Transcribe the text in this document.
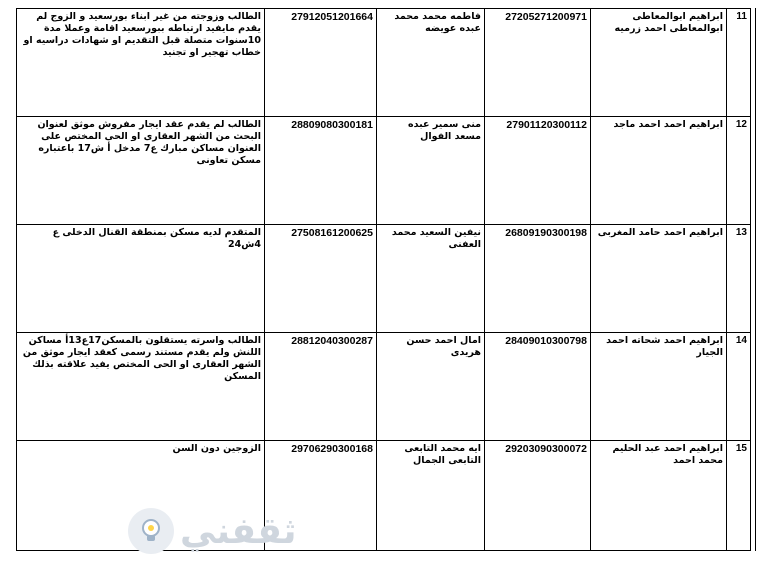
11	ابراهيم ابوالمعاطى ابوالمعاطى احمد زرميه	27205271200971	فاطمه محمد محمد عبده عويضه	27912051201664	الطالب وزوجته من غير ابناء بورسعيد و الزوج لم يقدم مايفيد ارتباطه ببورسعيد اقامة وعملا مدة 10سنوات متصلة قبل التقديم او شهادات دراسيه او خطاب تهجير او تجنيد
12	ابراهيم احمد احمد ماجد	27901120300112	منى سمير عبده مسعد الفوال	28809080300181	الطالب لم يقدم عقد ايجار مفروش موثق لعنوان البحث من الشهر العقارى او الحى المختص على العنوان مساكن مبارك ع7 مدخل أ ش17 باعتباره مسكن تعاونى
13	ابراهيم احمد حامد المغربى	26809190300198	نيفين السعيد محمد العفنى	27508161200625	المتقدم لديه مسكن بمنطقة القنال الدخلى ع 4ش24
14	ابراهيم احمد شحاته احمد الجيار	28409010300798	امال احمد حسن هريدى	28812040300287	الطالب واسرته يستقلون بالمسكن17ع13أ مساكن اللنش ولم يقدم مستند رسمى كعقد ايجار موثق من الشهر العقارى او الحى المختص يفيد علاقته بذلك المسكن
15	ابراهيم احمد عبد الحليم محمد احمد	29203090300072	ايه محمد التابعى التابعى الجمال	29706290300168	الزوجين دون السن
ثقفني
